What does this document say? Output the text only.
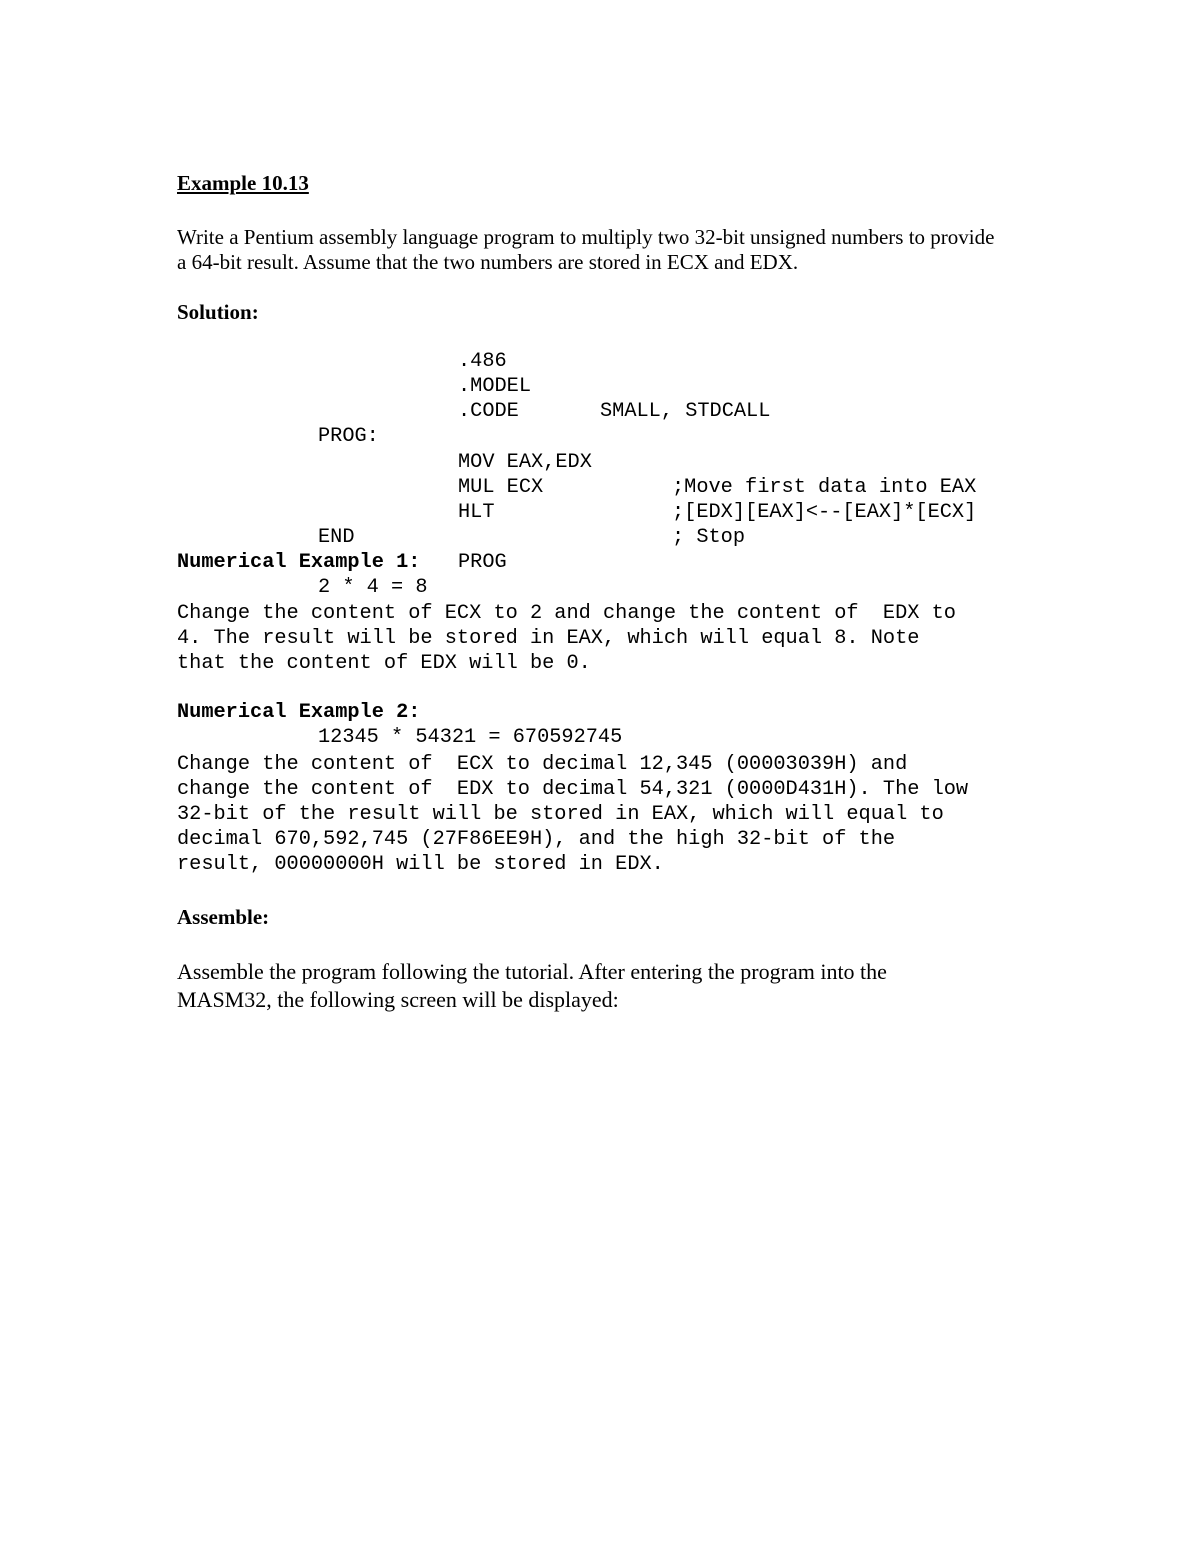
Example 10.13
Write a Pentium assembly language program to multiply two 32-bit unsigned numbers to provide
a 64-bit result. Assume that the two numbers are stored in ECX and EDX.
Solution:

.486

.MODEL

SMALL, STDCALL

.CODE

PROG:

MOV EAX,EDX

;Move first data into EAX

MUL ECX

;[EDX][EAX]<--[EAX]*[ECX]

HLT

; Stop

END

PROG

Numerical Example 1:
2 * 4 = 8
Change the content of ECX to 2 and change the content of  EDX to
4. The result will be stored in EAX, which will equal 8. Note
that the content of EDX will be 0.
Numerical Example 2:
12345 * 54321 = 670592745
Change the content of  ECX to decimal 12,345 (00003039H) and
change the content of  EDX to decimal 54,321 (0000D431H). The low
32-bit of the result will be stored in EAX, which will equal to
decimal 670,592,745 (27F86EE9H), and the high 32-bit of the
result, 00000000H will be stored in EDX.
Assemble:
Assemble the program following the tutorial. After entering the program into the
MASM32, the following screen will be displayed:
